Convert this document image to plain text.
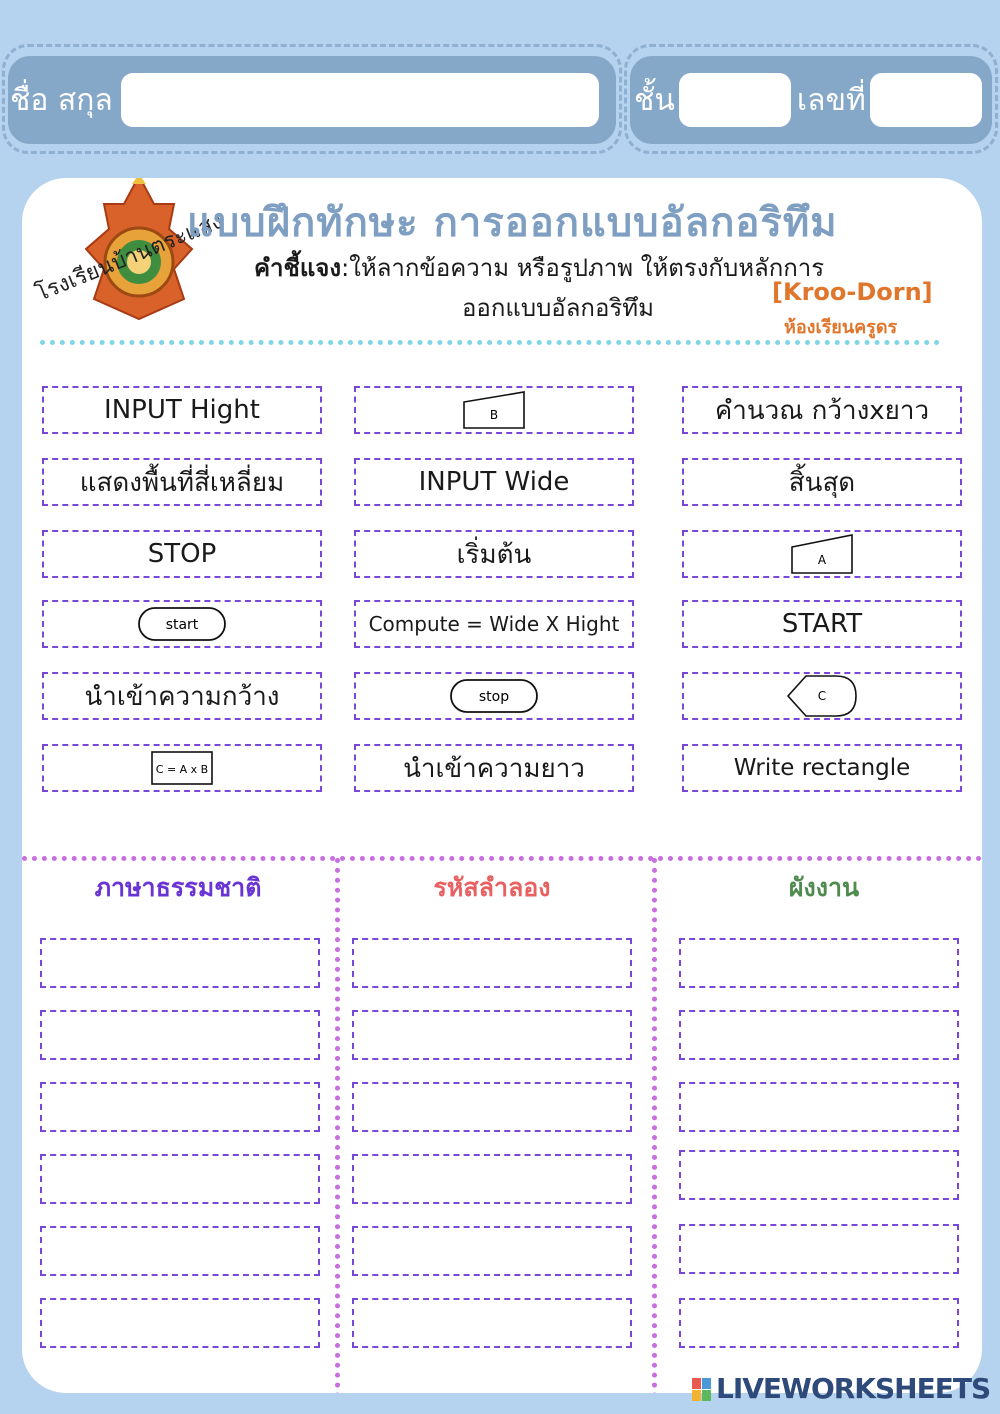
ชื่อ สกุล	ชั้น	เลขที่
โรงเรียนบ้านตระแสง
แบบฝึกทักษะ การออกแบบอัลกอริทึม
คำชี้แจง:ให้ลากข้อความ หรือรูปภาพ ให้ตรงกับหลักการ
ออกแบบอัลกอริทึม
[Kroo-Dorn]
ห้องเรียนครูดร
INPUT Hight	B	คำนวณ กว้างxยาว
แสดงพื้นที่สี่เหลี่ยม	INPUT Wide	สิ้นสุด
STOP	เริ่มต้น	A
start	Compute = Wide X Hight	START
นำเข้าความกว้าง	stop	C
C = A x B	นำเข้าความยาว	Write rectangle
ภาษาธรรมชาติ	รหัสลำลอง	ผังงาน
LIVEWORKSHEETS
